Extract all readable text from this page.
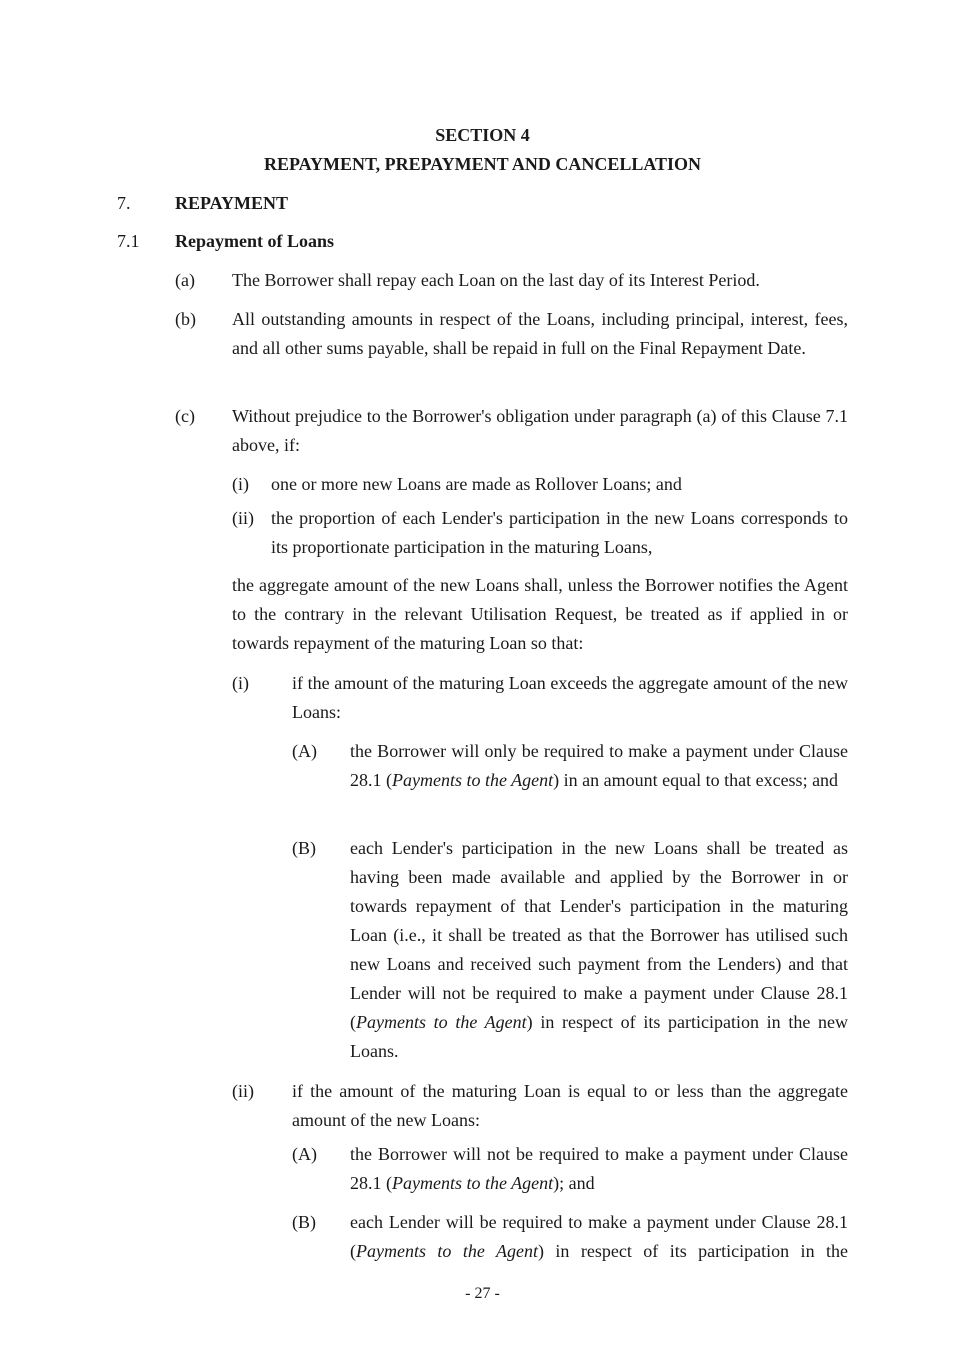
SECTION 4
REPAYMENT, PREPAYMENT AND CANCELLATION
7. REPAYMENT
7.1 Repayment of Loans
(a) The Borrower shall repay each Loan on the last day of its Interest Period.
(b) All outstanding amounts in respect of the Loans, including principal, interest, fees, and all other sums payable, shall be repaid in full on the Final Repayment Date.
(c) Without prejudice to the Borrower's obligation under paragraph (a) of this Clause 7.1 above, if:
(i) one or more new Loans are made as Rollover Loans; and
(ii) the proportion of each Lender's participation in the new Loans corresponds to its proportionate participation in the maturing Loans,
the aggregate amount of the new Loans shall, unless the Borrower notifies the Agent to the contrary in the relevant Utilisation Request, be treated as if applied in or towards repayment of the maturing Loan so that:
(i) if the amount of the maturing Loan exceeds the aggregate amount of the new Loans:
(A) the Borrower will only be required to make a payment under Clause 28.1 (Payments to the Agent) in an amount equal to that excess; and
(B) each Lender's participation in the new Loans shall be treated as having been made available and applied by the Borrower in or towards repayment of that Lender's participation in the maturing Loan (i.e., it shall be treated as that the Borrower has utilised such new Loans and received such payment from the Lenders) and that Lender will not be required to make a payment under Clause 28.1 (Payments to the Agent) in respect of its participation in the new Loans.
(ii) if the amount of the maturing Loan is equal to or less than the aggregate amount of the new Loans:
(A) the Borrower will not be required to make a payment under Clause 28.1 (Payments to the Agent); and
(B) each Lender will be required to make a payment under Clause 28.1 (Payments to the Agent) in respect of its participation in the
- 27 -
